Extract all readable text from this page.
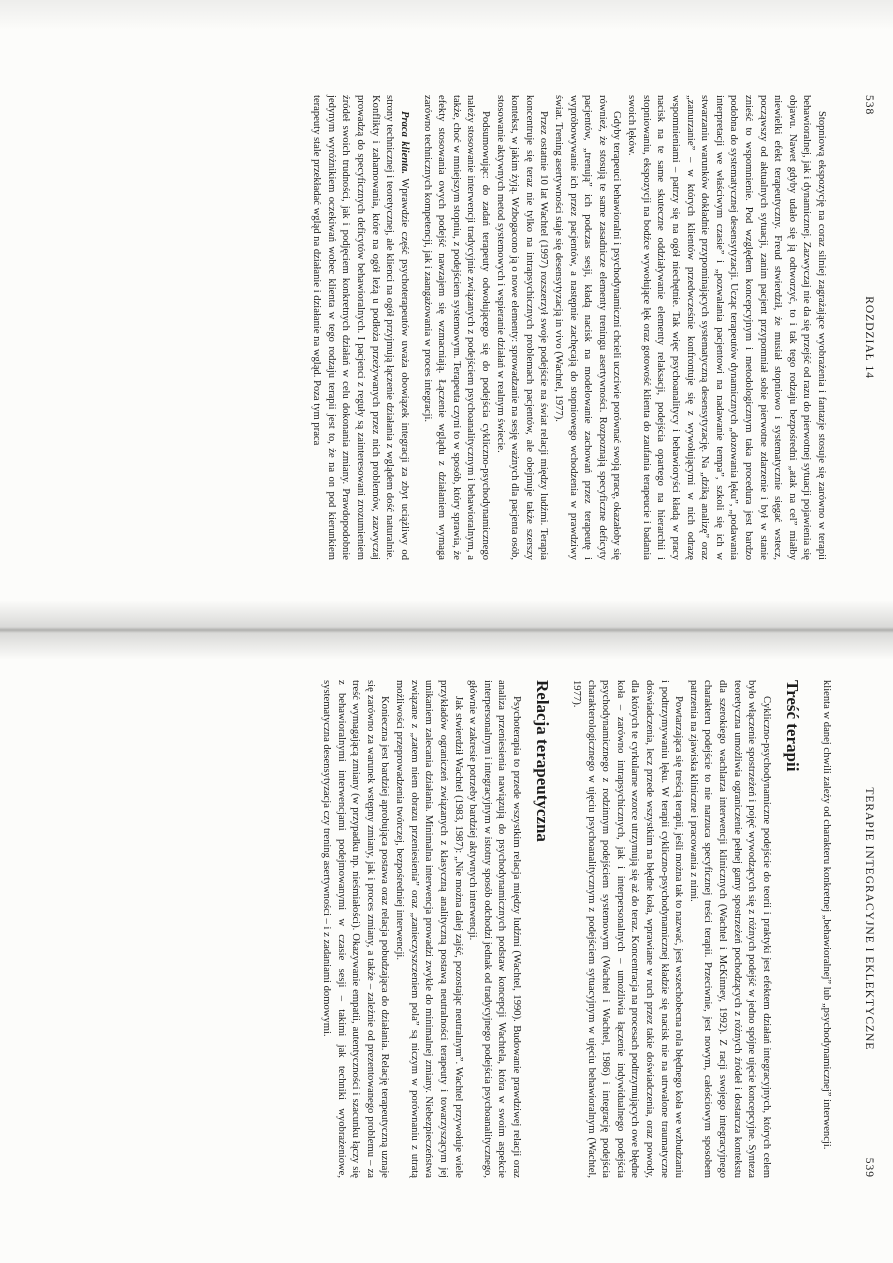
538
ROZDZIAŁ 14

Stopniową ekspozycję na coraz silniej zagrażające wyobrażenia i fantazje stosuje się zarówno w terapii behawioralnej, jak i dynamicznej. Zazwyczaj nie da się przejść od razu do pierwotnej sytuacji pojawienia się objawu. Nawet gdyby udało się ją odtworzyć, to i tak tego rodzaju bezpośredni „atak na cel” miałby niewielki efekt terapeutyczny. Freud stwierdził, że musiał stopniowo i systematycznie sięgać wstecz, począwszy od aktualnych sytuacji, zanim pacjent przypomniał sobie pierwotne zdarzenie i był w stanie znieść to wspomnienie. Pod względem koncepcyjnym i metodologicznym taka procedura jest bardzo podobna do systematycznej desensytyzacji. Ucząc terapeutów dynamicznych „dozowania lęku”, „podawania interpretacji we właściwym czasie” i „pozwalania pacjentowi na nadawanie tempa”, szkoli się ich w stwarzaniu warunków dokładnie przypominających systematyczną desensytyzację. Na „dziką analizę” oraz „zanurzanie” – w których klientów przedwcześnie konfrontuje się z wywołującymi w nich odrazę wspomnieniami – patrzy się na ogół niechętnie. Tak więc psychoanalitycy i behawioryści kładą w pracy nacisk na te same skuteczne oddziaływanie elementy relaksacji, podejścia opartego na hierarchii i stopniowaniu, ekspozycji na bodźce wywołujące lęk oraz gotowość klienta do zaufania terapeucie i badania swoich lęków.

Gdyby terapeuci behawioralni i psychodynamiczni chcieli uczciwie porównać swoją pracę, okazałoby się również, że stosują te same zasadnicze elementy treningu asertywności. Rozpoznają specyficzne deficyty pacjentów, „trenują” ich podczas sesji, kładą nacisk na modelowanie zachowań przez terapeutę i wypróbowywanie ich przez pacjentów, a następnie zachęcają do stopniowego wchodzenia w prawdziwy świat. Trening asertywności staje się desensytyzacją in vivo (Wachtel, 1977).

Przez ostatnie 10 lat Wachtel (1997) rozszerzył swoje podejście na świat relacji między ludźmi. Terapia koncentruje się teraz nie tylko na intrapsychicznych problemach pacjentów, ale obejmuje także szerszy kontekst, w jakim żyją. Wzbogacono ją o nowe elementy: sprowadzanie na sesję ważnych dla pacjenta osób, stosowanie aktywnych metod systemowych i wspieranie działań w realnym świecie.

Podsumowując: do zadań terapeuty odwołującego się do podejścia cykliczno-psychodynamicznego należy stosowanie interwencji tradycyjnie związanych z podejściem psychoanalitycznym i behawioralnym, a także, choć w mniejszym stopniu, z podejściem systemowym. Terapeuta czyni to w sposób, który sprawia, że efekty stosowania owych podejść nawzajem się wzmacniają. Łączenie wglądu z działaniem wymaga zarówno technicznych kompetencji, jak i zaangażowania w proces integracji.

Praca klienta. Wprawdzie część psychoterapeutów uważa obowiązek integracji za zbyt uciążliwy od strony technicznej i teoretycznej, ale klienci na ogół przyjmują łączenie działania z wglądem dość naturalnie. Konflikty i zahamowania, które na ogół leżą u podłoża przeżywanych przez nich problemów, zazwyczaj prowadzą do specyficznych deficytów behawioralnych. I pacjenci z reguły są zainteresowani zrozumieniem źródeł swoich trudności, jak i podjęciem konkretnych działań w celu dokonania zmiany. Prawdopodobnie jedynym wyróżnikiem oczekiwań wobec klienta w tego rodzaju terapii jest to, że na on pod kierunkiem terapeuty stale przekładać wgląd na działanie i działanie na wgląd. Poza tym praca

TERAPIE INTEGRACYJNE I EKLEKTYCZNE
539

klienta w danej chwili zależy od charakteru konkretnej „behawioralnej” lub „psychodynamicznej” interwencji.

Treść terapii

Cykliczno-psychodynamiczne podejście do teorii i praktyki jest efektem działań integracyjnych, których celem było włączenie spostrzeżeń i pojęć wywodzących się z różnych podejść w jedno spójne ujęcie koncepcyjne. Synteza teoretyczna umożliwia ograniczenie pełnej gamy spostrzeżeń pochodzących z różnych źródeł i dostarcza kontekstu dla szerokiego wachlarza interwencji klinicznych (Wachtel i McKinney, 1992). Z racji swojego integracyjnego charakteru podejście to nie narzuca specyficznej treści terapii. Przeciwnie, jest nowym, całościowym sposobem patrzenia na zjawiska kliniczne i pracowania z nimi.

Powtarzająca się treścią terapii, jeśli można tak to nazwać, jest wszechobecna rola błędnego koła we wzbudzaniu i podtrzymywaniu lęku. W terapii cykliczno-psychodynamicznej kładzie się nacisk nie na utrwalone traumatyczne doświadczenia, lecz przede wszystkim na błędne koła, wprawiane w ruch przez takie doświadczenia, oraz powody, dla których te cyrkularne wzorce utrzymują się aż do teraz. Koncentracja na procesach podtrzymujących owe błędne koła – zarówno intrapsychicznych, jak i interpersonalnych – umożliwia łączenie indywidualnego podejścia psychodynamicznego z rodzinnym podejściem systemowym (Wachtel i Wachtel, 1986) i integrację podejścia charakterologicznego w ujęciu psychoanalitycznym z podejściem sytuacyjnym w ujęciu behawioralnym (Wachtel, 1977).

Relacja terapeutyczna

Psychoterapia to przede wszystkim relacja między ludźmi (Wachtel, 1990). Budowanie prawdziwej relacji oraz analiza przeniesienia nawiązują do psychodynamicznych podstaw koncepcji Wachtela, która w swoim aspekcie interpersonalnym i integracyjnym w istotny sposób odchodzi jednak od tradycyjnego podejścia psychoanalitycznego, głównie w zakresie potrzeby bardziej aktywnych interwencji.

Jak stwierdził Wachtel (1983, 1987): „Nie można dalej zajść, pozostając neutralnym”. Wachtel przywołuje wiele przykładów ograniczeń związanych z klasyczną analityczną postawą neutralności terapeuty i towarzyszącym jej unikaniem zalecania działania. Minimalna interwencja prowadzi zwykle do minimalnej zmiany. Niebezpieczeństwa związane z „zatem niem obrazu przeniesienia” oraz „zanieczyszczeniem pola” są niczym w porównaniu z utratą możliwości przeprowadzenia twórczej, bezpośredniej interwencji.

Konieczna jest bardziej aprobująca postawa oraz relacja pobudzająca do działania. Relację terapeutyczną uznaje się zarówno za warunek wstępny zmiany, jak i proces zmiany, a także – zależnie od prezentowanego problemu – za treść wymagającą zmiany (w przypadku np. nieśmiałości). Okazywanie empatii, autentyczności i szacunku łączy się z behawioralnymi interwencjami podejmowanymi w czasie sesji – takimi jak techniki wyobrażeniowe, systematyczna desensytyzacja czy trening asertywności – i z zadaniami domowymi.
